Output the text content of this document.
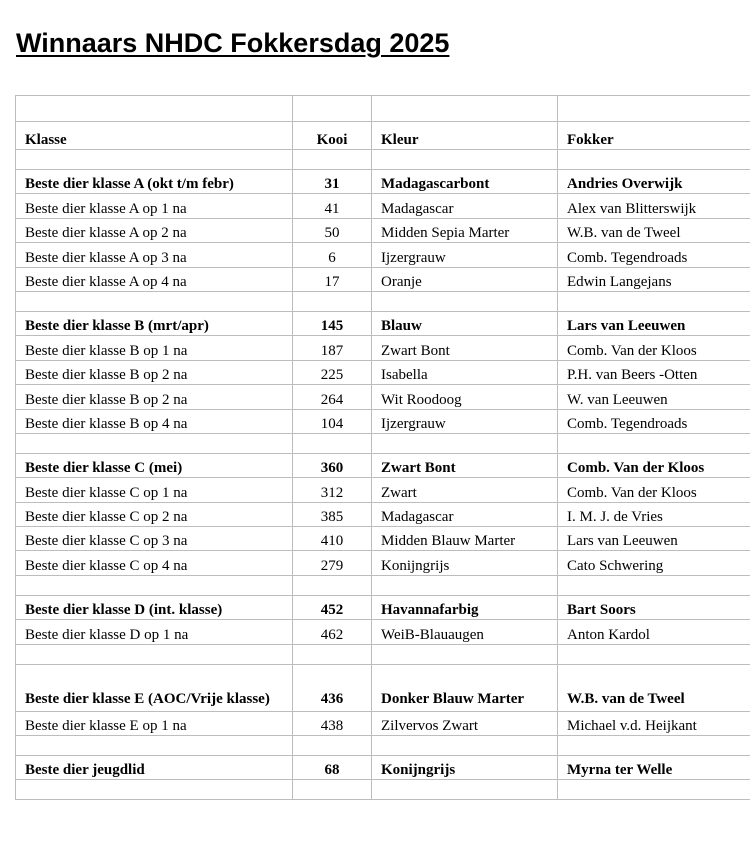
Winnaars NHDC Fokkersdag 2025

Klasse	Kooi	Kleur	Fokker

Beste dier klasse A (okt t/m febr)	31	Madagascarbont	Andries Overwijk
Beste dier klasse A op 1 na	41	Madagascar	Alex van Blitterswijk
Beste dier klasse A op 2 na	50	Midden Sepia Marter	W.B. van de Tweel
Beste dier klasse A op 3 na	6	Ijzergrauw	Comb. Tegendroads
Beste dier klasse A op 4 na	17	Oranje	Edwin Langejans

Beste dier klasse B (mrt/apr)	145	Blauw	Lars van Leeuwen
Beste dier klasse B op 1 na	187	Zwart Bont	Comb. Van der Kloos
Beste dier klasse B op 2 na	225	Isabella	P.H. van Beers -Otten
Beste dier klasse B op 2 na	264	Wit Roodoog	W. van Leeuwen
Beste dier klasse B op 4 na	104	Ijzergrauw	Comb. Tegendroads

Beste dier klasse C (mei)	360	Zwart Bont	Comb. Van der Kloos
Beste dier klasse C op 1 na	312	Zwart	Comb. Van der Kloos
Beste dier klasse C op 2 na	385	Madagascar	I. M. J. de Vries
Beste dier klasse C op 3 na	410	Midden Blauw Marter	Lars van Leeuwen
Beste dier klasse C op 4 na	279	Konijngrijs	Cato Schwering

Beste dier klasse D (int. klasse)	452	Havannafarbig	Bart Soors
Beste dier klasse D op 1 na	462	WeiB-Blauaugen	Anton Kardol

Beste dier klasse E (AOC/Vrije klasse)	436	Donker Blauw Marter	W.B. van de Tweel
Beste dier klasse E op 1 na	438	Zilvervos Zwart	Michael v.d. Heijkant

Beste dier jeugdlid	68	Konijngrijs	Myrna ter Welle
